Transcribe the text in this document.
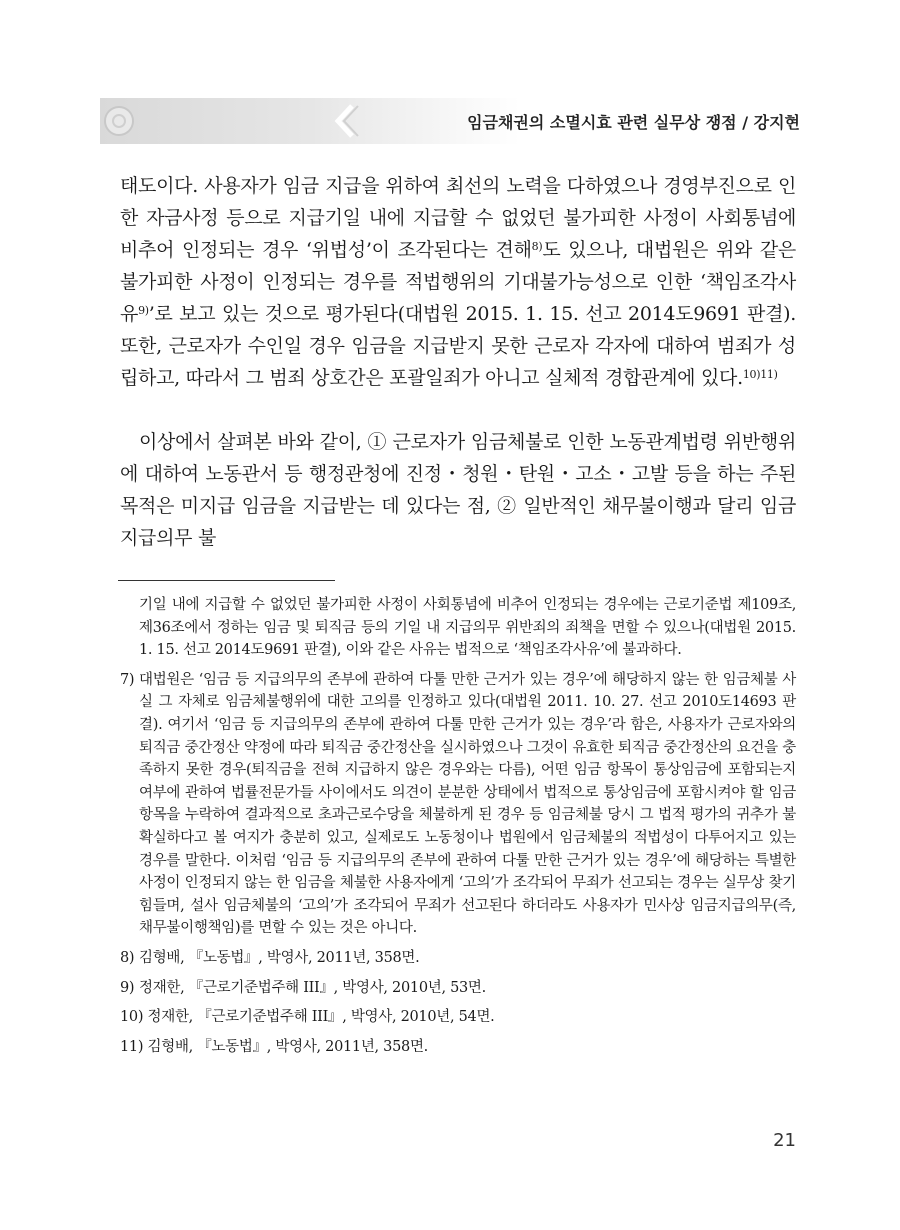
임금채권의 소멸시효 관련 실무상 쟁점 / 강지현

태도이다. 사용자가 임금 지급을 위하여 최선의 노력을 다하였으나 경영부진으로 인한 자금사정 등으로 지급기일 내에 지급할 수 없었던 불가피한 사정이 사회통념에 비추어 인정되는 경우 ‘위법성’이 조각된다는 견해$^{8)}$도 있으나, 대법원은 위와 같은 불가피한 사정이 인정되는 경우를 적법행위의 기대불가능성으로 인한 ‘책임조각사유$^{9)}$’로 보고 있는 것으로 평가된다(대법원 2015. 1. 15. 선고 2014도9691 판결). 또한, 근로자가 수인일 경우 임금을 지급받지 못한 근로자 각자에 대하여 범죄가 성립하고, 따라서 그 범죄 상호간은 포괄일죄가 아니고 실체적 경합관계에 있다.$^{10)11)}$

이상에서 살펴본 바와 같이, ① 근로자가 임금체불로 인한 노동관계법령 위반행위에 대하여 노동관서 등 행정관청에 진정・청원・탄원・고소・고발 등을 하는 주된 목적은 미지급 임금을 지급받는 데 있다는 점, ② 일반적인 채무불이행과 달리 임금지급의무 불

기일 내에 지급할 수 없었던 불가피한 사정이 사회통념에 비추어 인정되는 경우에는 근로기준법 제109조, 제36조에서 정하는 임금 및 퇴직금 등의 기일 내 지급의무 위반죄의 죄책을 면할 수 있으나(대법원 2015. 1. 15. 선고 2014도9691 판결), 이와 같은 사유는 법적으로 ‘책임조각사유’에 불과하다.

7) 대법원은 ‘임금 등 지급의무의 존부에 관하여 다툴 만한 근거가 있는 경우’에 해당하지 않는 한 임금체불 사실 그 자체로 임금체불행위에 대한 고의를 인정하고 있다(대법원 2011. 10. 27. 선고 2010도14693 판결). 여기서 ‘임금 등 지급의무의 존부에 관하여 다툴 만한 근거가 있는 경우’라 함은, 사용자가 근로자와의 퇴직금 중간정산 약정에 따라 퇴직금 중간정산을 실시하였으나 그것이 유효한 퇴직금 중간정산의 요건을 충족하지 못한 경우(퇴직금을 전혀 지급하지 않은 경우와는 다름), 어떤 임금 항목이 통상임금에 포함되는지 여부에 관하여 법률전문가들 사이에서도 의견이 분분한 상태에서 법적으로 통상임금에 포함시켜야 할 임금 항목을 누락하여 결과적으로 초과근로수당을 체불하게 된 경우 등 임금체불 당시 그 법적 평가의 귀추가 불확실하다고 볼 여지가 충분히 있고, 실제로도 노동청이나 법원에서 임금체불의 적법성이 다투어지고 있는 경우를 말한다. 이처럼 ‘임금 등 지급의무의 존부에 관하여 다툴 만한 근거가 있는 경우’에 해당하는 특별한 사정이 인정되지 않는 한 임금을 체불한 사용자에게 ‘고의’가 조각되어 무죄가 선고되는 경우는 실무상 찾기 힘들며, 설사 임금체불의 ‘고의’가 조각되어 무죄가 선고된다 하더라도 사용자가 민사상 임금지급의무(즉, 채무불이행책임)를 면할 수 있는 것은 아니다.

8) 김형배, 『노동법』, 박영사, 2011년, 358면.

9) 정재한, 『근로기준법주해 III』, 박영사, 2010년, 53면.

10) 정재한, 『근로기준법주해 III』, 박영사, 2010년, 54면.

11) 김형배, 『노동법』, 박영사, 2011년, 358면.

21
